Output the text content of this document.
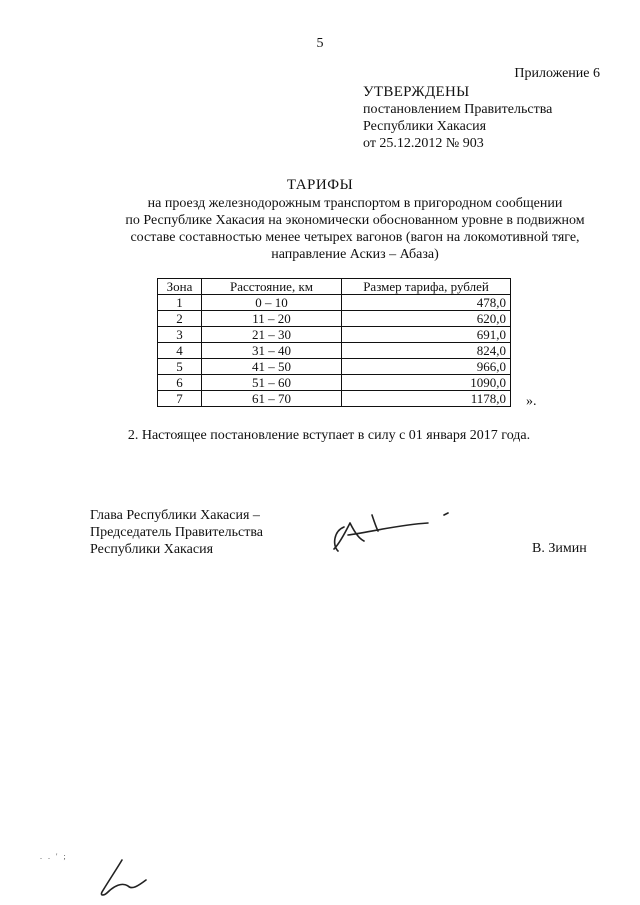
5
Приложение 6
УТВЕРЖДЕНЫ
постановлением Правительства
Республики Хакасия
от 25.12.2012 № 903
ТАРИФЫ
на проезд железнодорожным транспортом в пригородном сообщении
по Республике Хакасия на экономически обоснованном уровне в подвижном
составе составностью менее четырех вагонов (вагон на локомотивной тяге,
направление Аскиз – Абаза)
Зона	Расстояние, км	Размер тарифа, рублей
1	0 – 10	478,0
2	11 – 20	620,0
3	21 – 30	691,0
4	31 – 40	824,0
5	41 – 50	966,0
6	51 – 60	1090,0
7	61 – 70	1178,0 ».
2. Настоящее постановление вступает в силу с 01 января 2017 года.
Глава Республики Хакасия –
Председатель Правительства
Республики Хакасия	В. Зимин
. . ' ;
